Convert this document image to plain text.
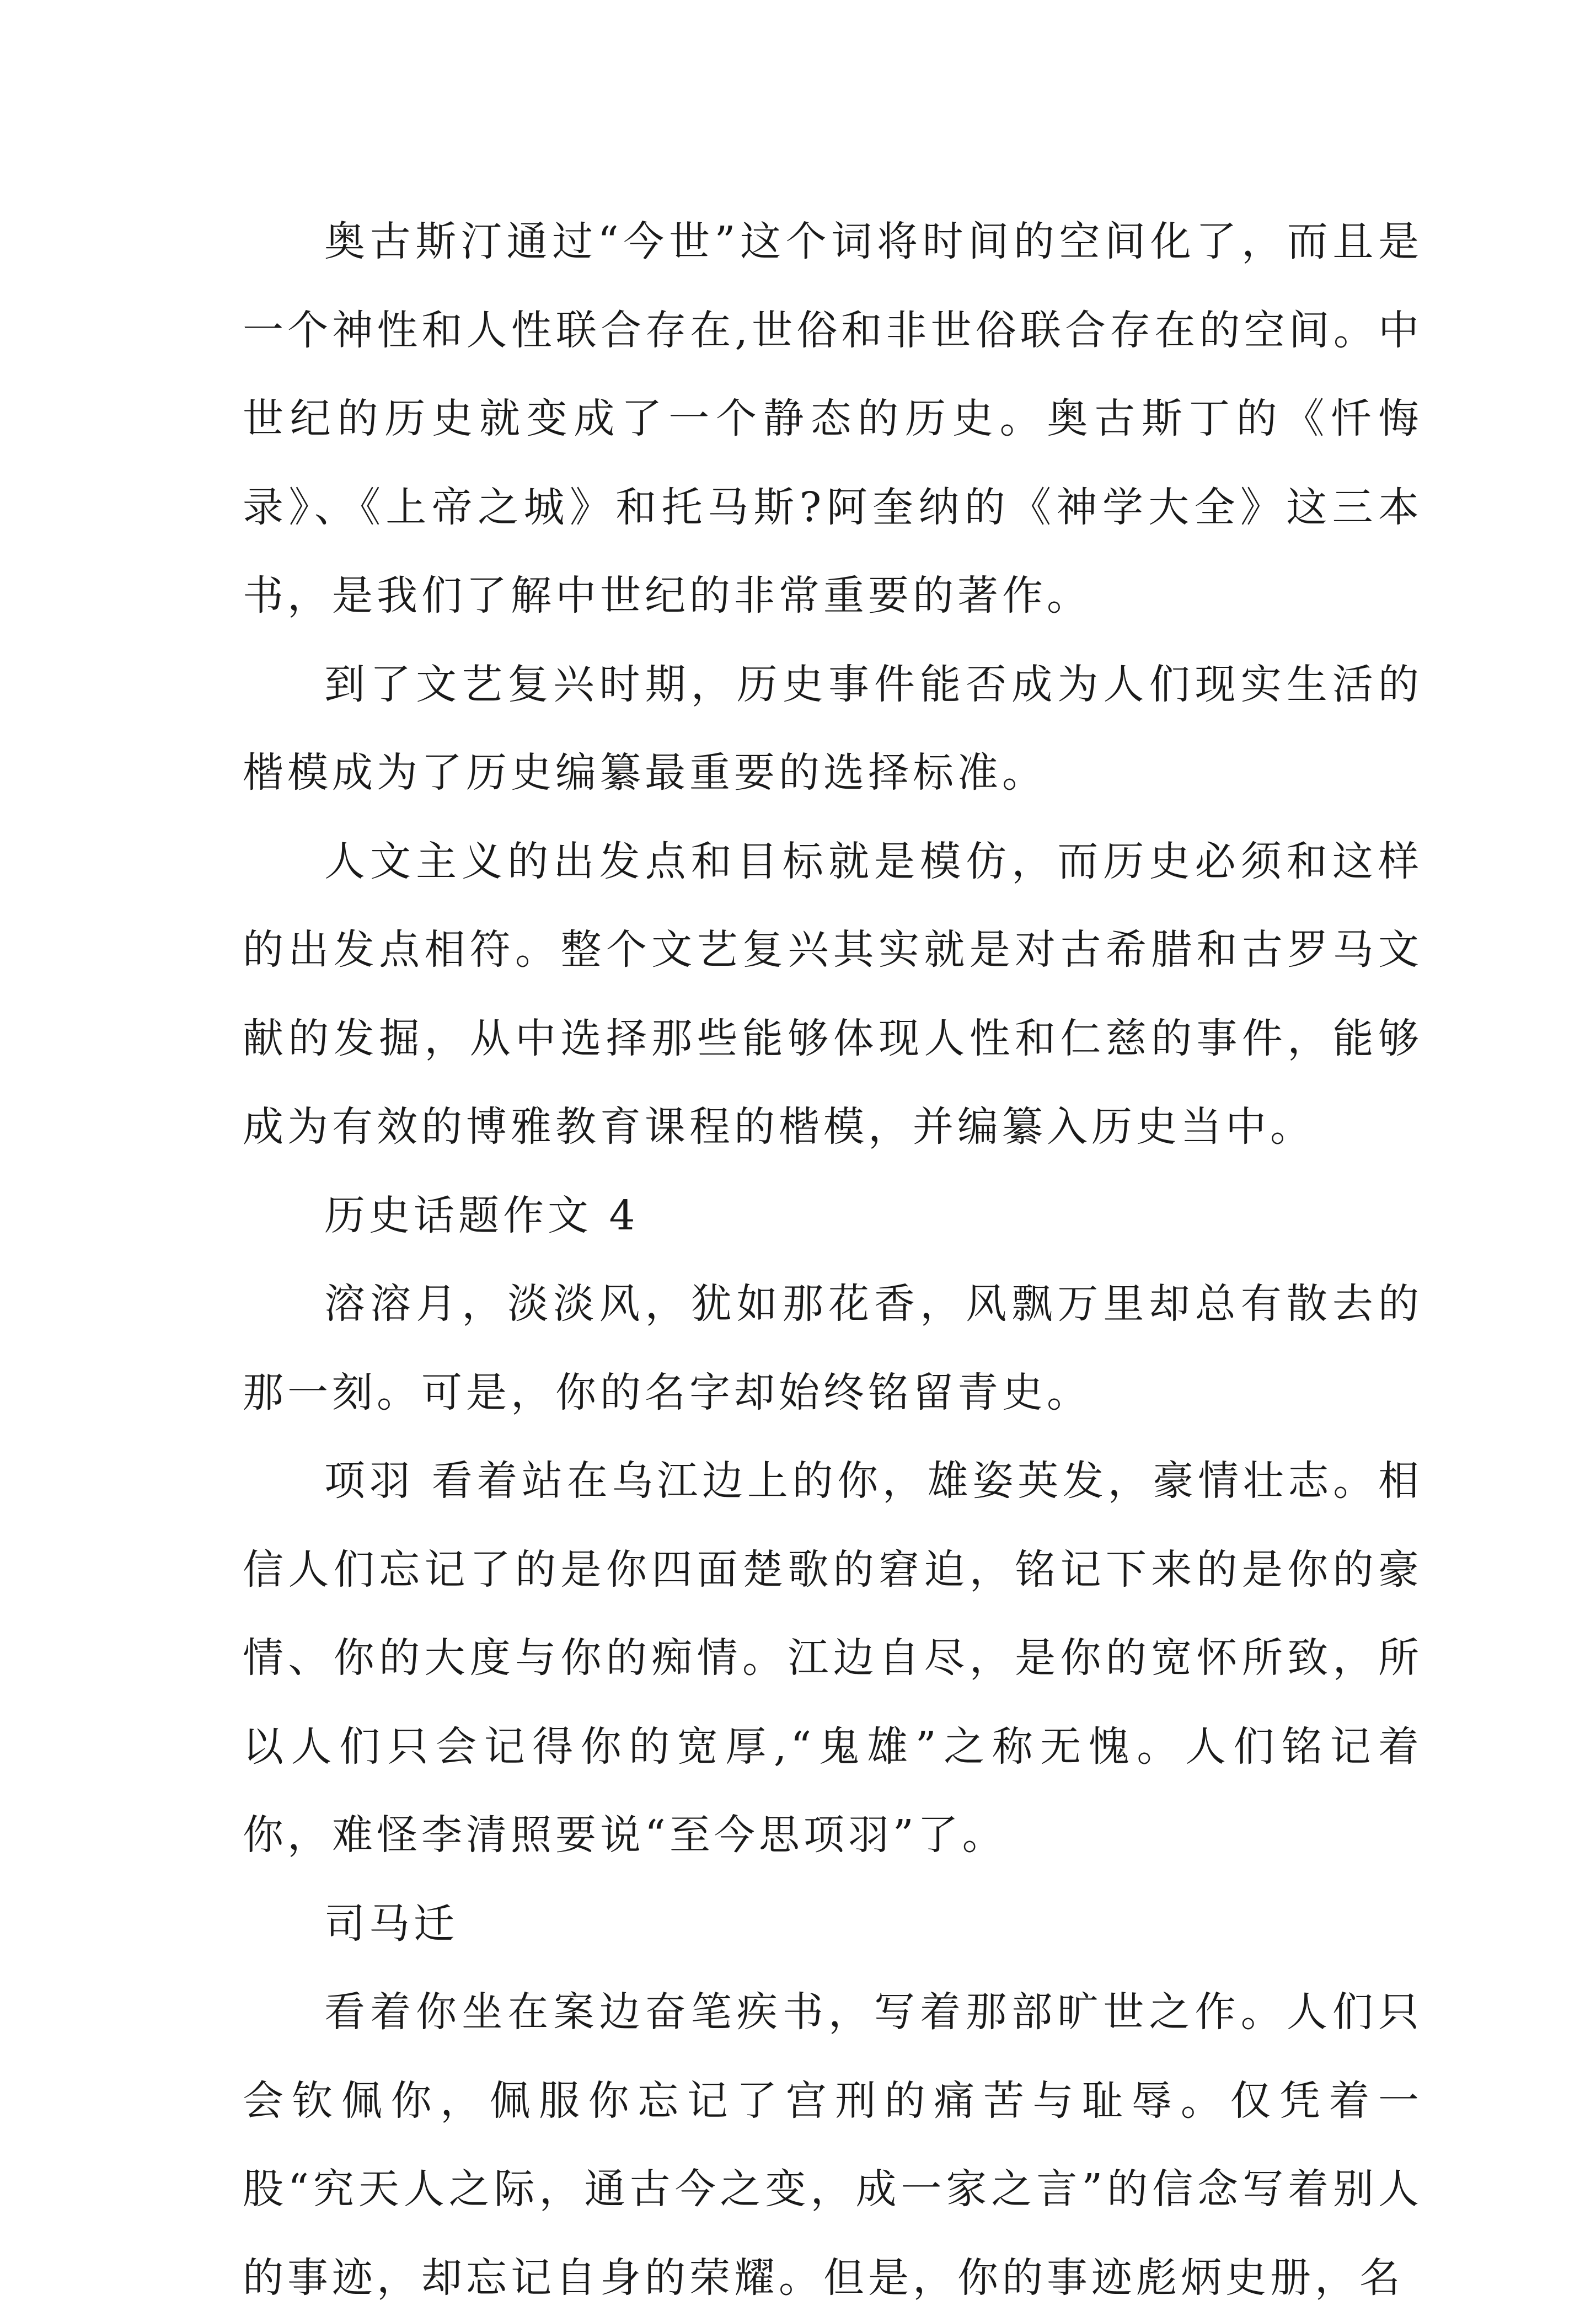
奥古斯汀通过“今世”这个词将时间的空间化了，而且是一个神性和人性联合存在,世俗和非世俗联合存在的空间。中世纪的历史就变成了一个静态的历史。奥古斯丁的《忏悔录》、《上帝之城》和托马斯?阿奎纳的《神学大全》这三本书，是我们了解中世纪的非常重要的著作。

到了文艺复兴时期，历史事件能否成为人们现实生活的楷模成为了历史编纂最重要的选择标准。

人文主义的出发点和目标就是模仿，而历史必须和这样的出发点相符。整个文艺复兴其实就是对古希腊和古罗马文献的发掘，从中选择那些能够体现人性和仁慈的事件，能够成为有效的博雅教育课程的楷模，并编纂入历史当中。

历史话题作文 4

溶溶月，淡淡风，犹如那花香，风飘万里却总有散去的那一刻。可是，你的名字却始终铭留青史。

项羽 看着站在乌江边上的你，雄姿英发，豪情壮志。相信人们忘记了的是你四面楚歌的窘迫，铭记下来的是你的豪情、你的大度与你的痴情。江边自尽，是你的宽怀所致，所以人们只会记得你的宽厚,“鬼雄”之称无愧。人们铭记着你，难怪李清照要说“至今思项羽”了。

司马迁

看着你坐在案边奋笔疾书，写着那部旷世之作。人们只会钦佩你，佩服你忘记了宫刑的痛苦与耻辱。仅凭着一股“究天人之际，通古今之变，成一家之言”的信念写着别人的事迹，却忘记自身的荣耀。但是，你的事迹彪炳史册，名
